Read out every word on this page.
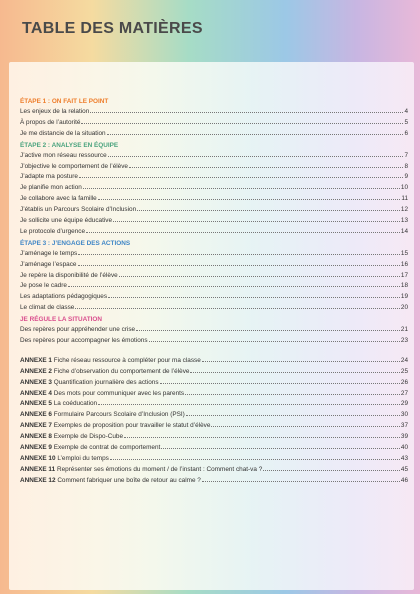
TABLE DES MATIÈRES
ÉTAPE 1 : ON FAIT LE POINT
Les enjeux de la relation	4
À propos de l’autorité	5
Je me distancie de la situation	6
ÉTAPE 2 : ANALYSE EN ÉQUIPE
J’active mon réseau ressource	7
J’objective le comportement de l’élève	8
J’adapte ma posture	9
Je planifie mon action	10
Je collabore avec la famille	11
J’établis un Parcours Scolaire d’Inclusion	12
Je sollicite une équipe éducative	13
Le protocole d’urgence	14
ÉTAPE 3 : J’ENGAGE DES ACTIONS
J’aménage le temps	15
J’aménage l’espace	16
Je repère la disponibilité de l’élève	17
Je pose le cadre	18
Les adaptations pédagogiques	19
Le climat de classe	20
JE RÉGULE LA SITUATION
Des repères pour appréhender une crise	21
Des repères pour accompagner les émotions	23
ANNEXE 1 Fiche réseau ressource à compléter pour ma classe	24
ANNEXE 2 Fiche d’observation du comportement de l’élève	25
ANNEXE 3 Quantification journalière des actions	26
ANNEXE 4 Des mots pour communiquer avec les parents	27
ANNEXE 5 La coéducation	29
ANNEXE 6 Formulaire Parcours Scolaire d’Inclusion (PSI)	30
ANNEXE 7 Exemples de proposition pour travailler le statut d’élève	37
ANNEXE 8 Exemple de Dispo-Cube	39
ANNEXE 9 Exemple de contrat de comportement	40
ANNEXE 10 L’emploi du temps	43
ANNEXE 11 Représenter ses émotions du moment / de l’instant : Comment chat-va ?	45
ANNEXE 12 Comment fabriquer une boîte de retour au calme ?	46
